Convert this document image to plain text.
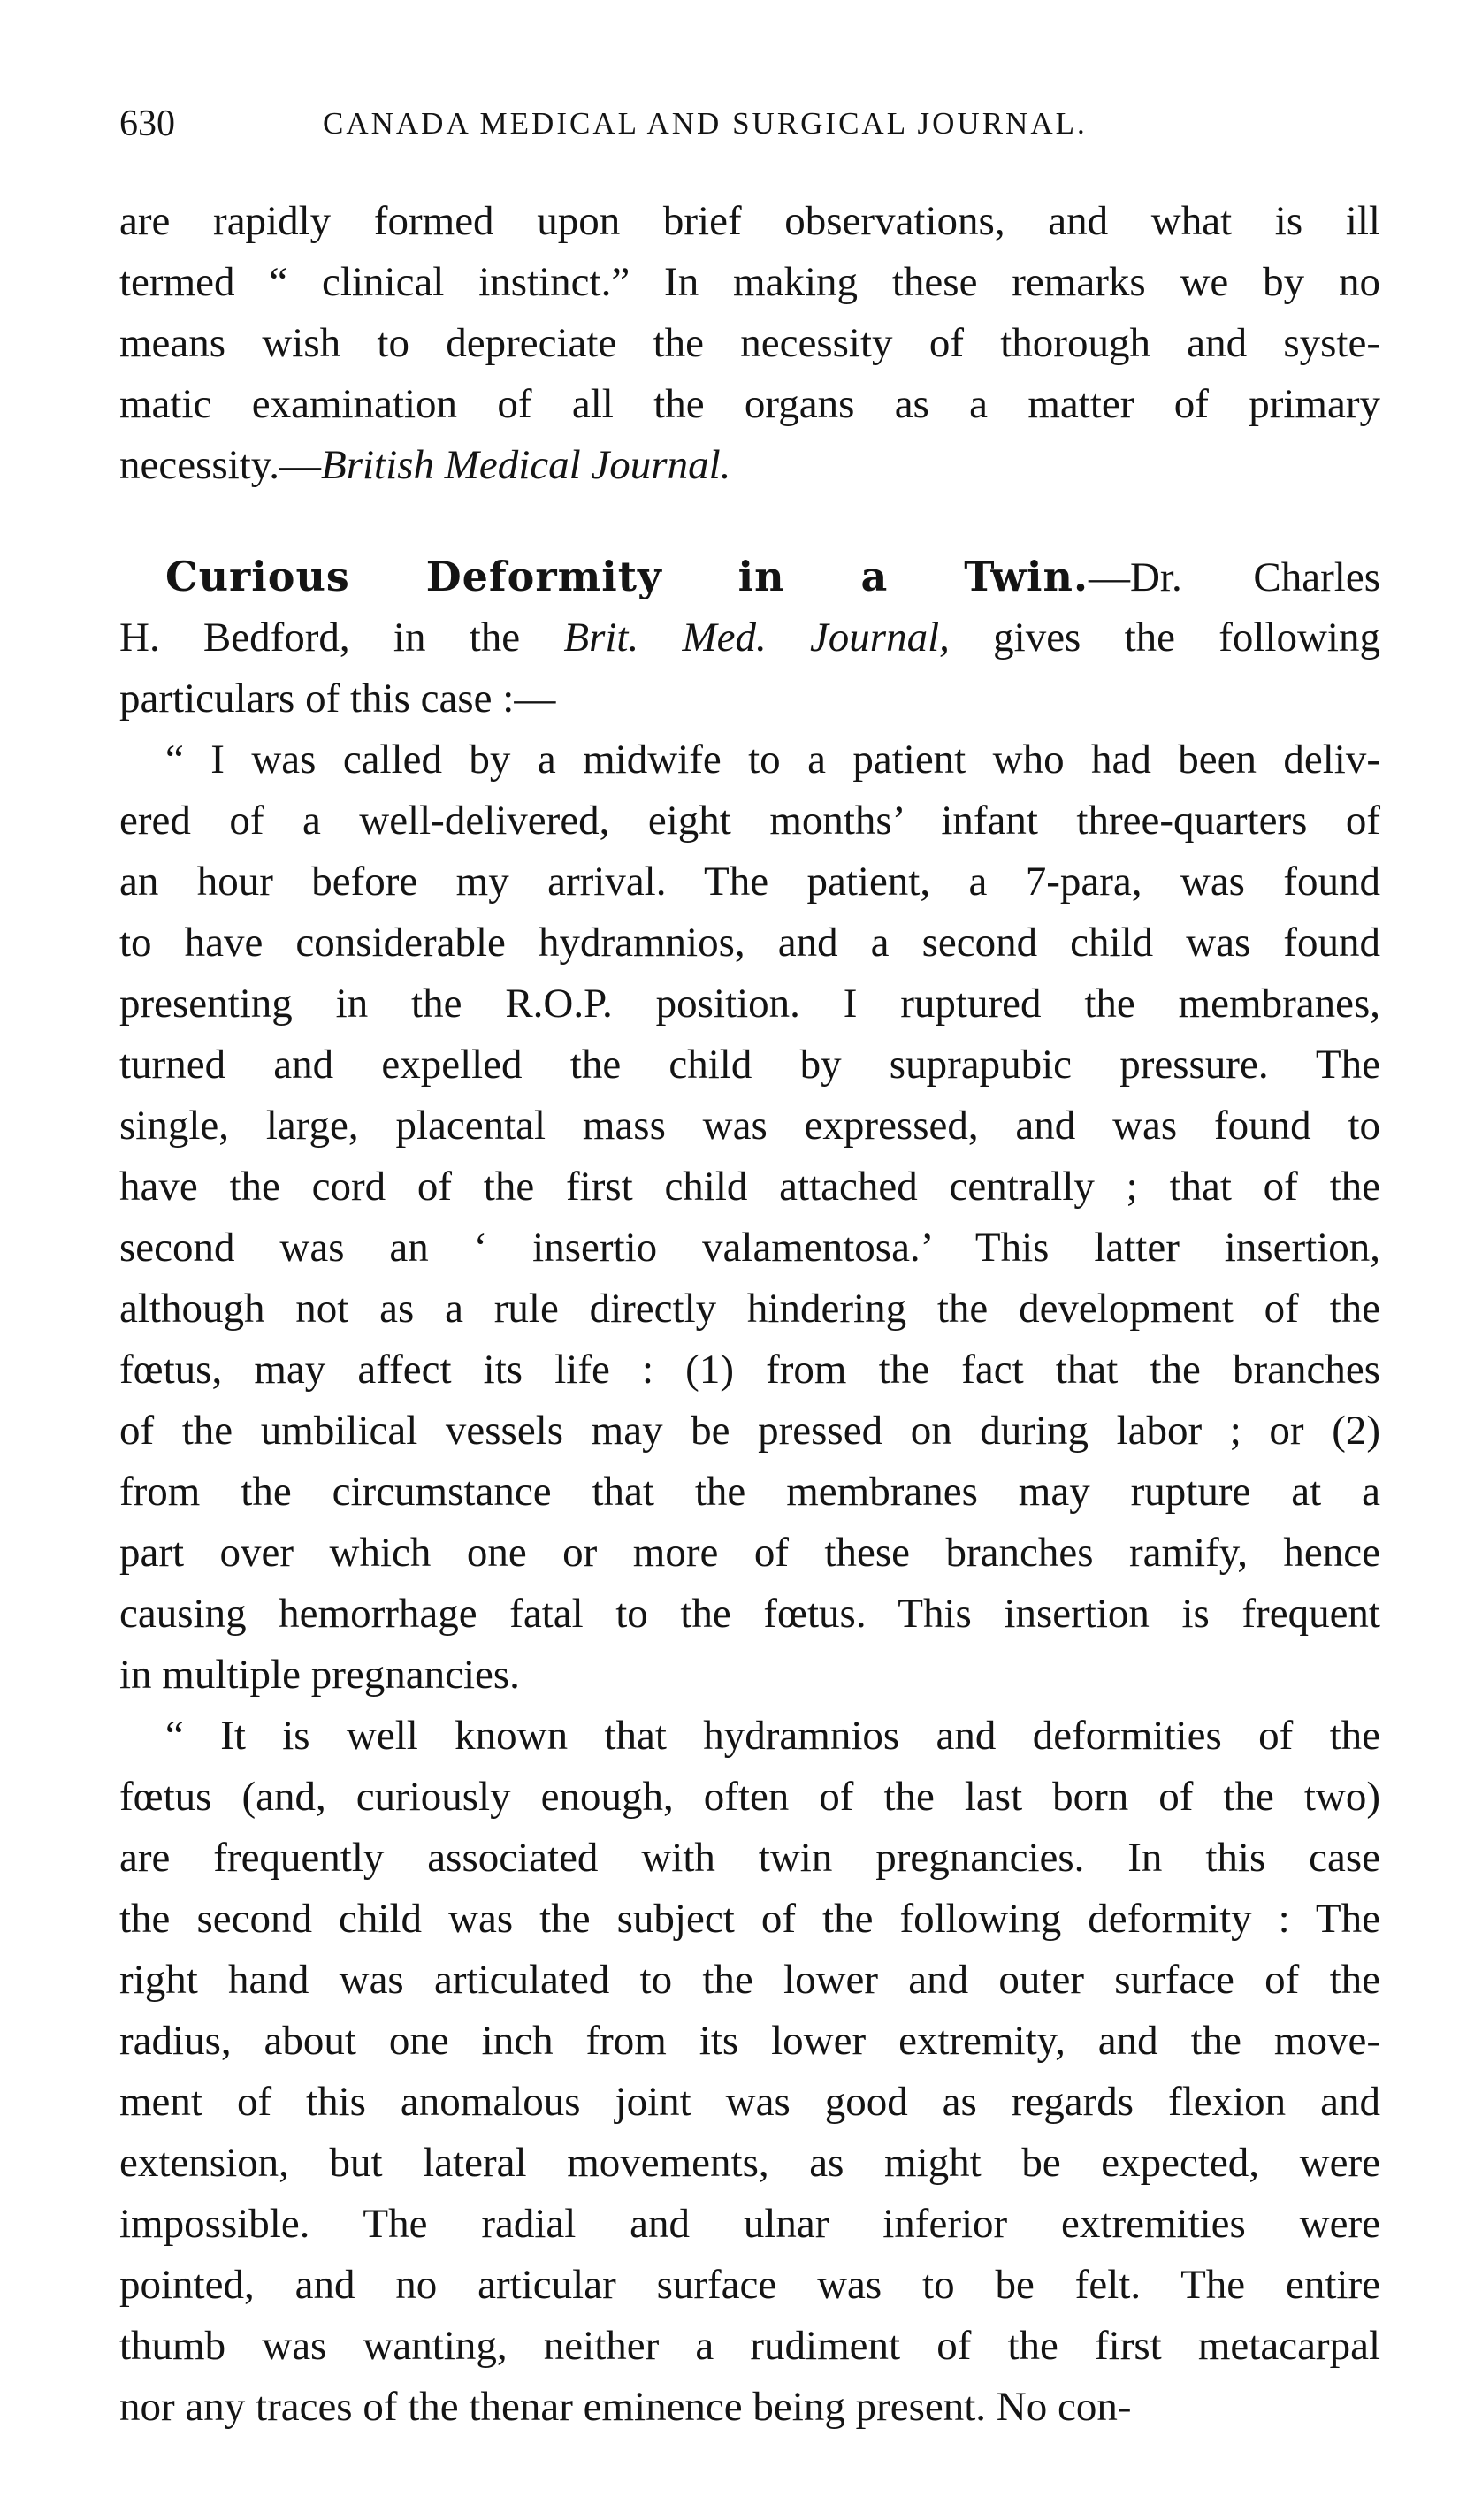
630	CANADA MEDICAL AND SURGICAL JOURNAL.
are rapidly formed upon brief observations, and what is ill
termed “ clinical instinct.” In making these remarks we by no
means wish to depreciate the necessity of thorough and syste-
matic examination of all the organs as a matter of primary
necessity.—British Medical Journal.
Curious Deformity in a Twin.—Dr. Charles
H. Bedford, in the Brit. Med. Journal, gives the following
particulars of this case :—
“ I was called by a midwife to a patient who had been deliv-
ered of a well-delivered, eight months’ infant three-quarters of
an hour before my arrival. The patient, a 7-para, was found
to have considerable hydramnios, and a second child was found
presenting in the R.O.P. position. I ruptured the membranes,
turned and expelled the child by suprapubic pressure. The
single, large, placental mass was expressed, and was found to
have the cord of the first child attached centrally ; that of the
second was an ‘ insertio valamentosa.’ This latter insertion,
although not as a rule directly hindering the development of the
fœtus, may affect its life : (1) from the fact that the branches
of the umbilical vessels may be pressed on during labor ; or (2)
from the circumstance that the membranes may rupture at a
part over which one or more of these branches ramify, hence
causing hemorrhage fatal to the fœtus. This insertion is frequent
in multiple pregnancies.
“ It is well known that hydramnios and deformities of the
fœtus (and, curiously enough, often of the last born of the two)
are frequently associated with twin pregnancies. In this case
the second child was the subject of the following deformity : The
right hand was articulated to the lower and outer surface of the
radius, about one inch from its lower extremity, and the move-
ment of this anomalous joint was good as regards flexion and
extension, but lateral movements, as might be expected, were
impossible. The radial and ulnar inferior extremities were
pointed, and no articular surface was to be felt. The entire
thumb was wanting, neither a rudiment of the first metacarpal
nor any traces of the thenar eminence being present. No con-
